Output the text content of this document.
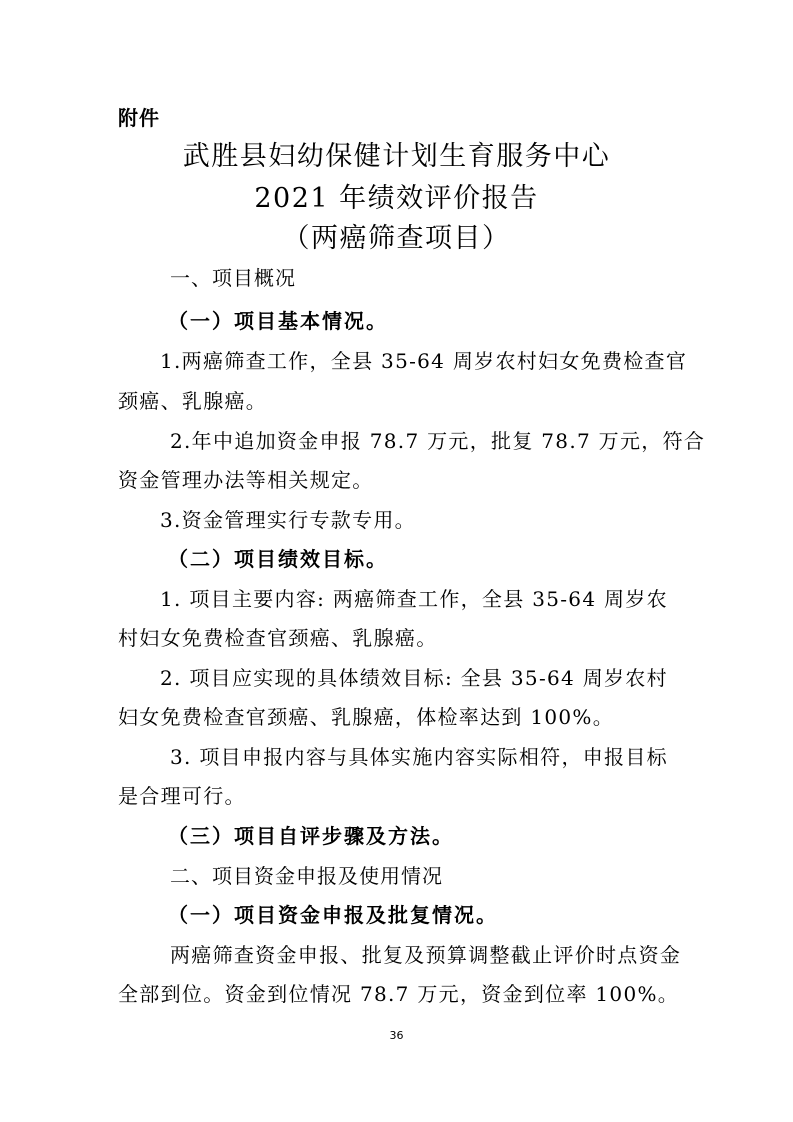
附件
武胜县妇幼保健计划生育服务中心
2021 年绩效评价报告
（两癌筛查项目）
一、项目概况
（一）项目基本情况。
1.两癌筛查工作，全县 35-64 周岁农村妇女免费检查官
颈癌、乳腺癌。
2.年中追加资金申报 78.7 万元，批复 78.7 万元，符合
资金管理办法等相关规定。
3.资金管理实行专款专用。
（二）项目绩效目标。
1. 项目主要内容: 两癌筛查工作，全县 35-64 周岁农
村妇女免费检查官颈癌、乳腺癌。
2. 项目应实现的具体绩效目标: 全县 35-64 周岁农村
妇女免费检查官颈癌、乳腺癌，体检率达到 100%。
3. 项目申报内容与具体实施内容实际相符，申报目标
是合理可行。
（三）项目自评步骤及方法。
二、项目资金申报及使用情况
（一）项目资金申报及批复情况。
两癌筛查资金申报、批复及预算调整截止评价时点资金
全部到位。资金到位情况 78.7 万元，资金到位率 100%。
36
